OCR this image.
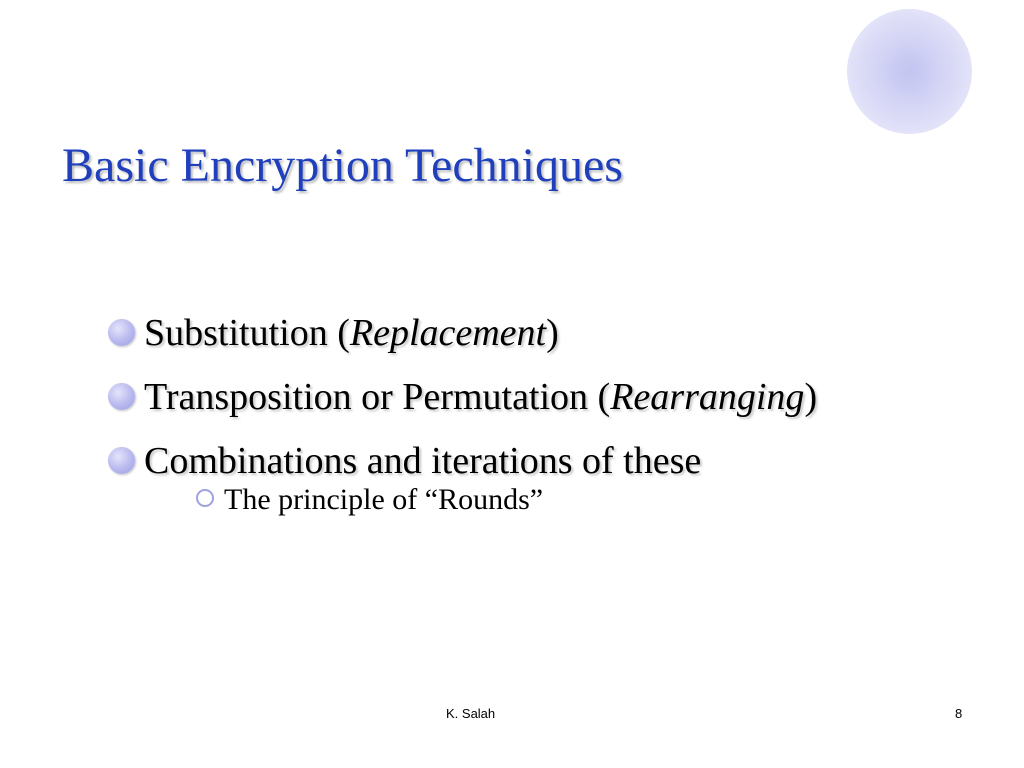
Basic Encryption Techniques
Substitution (Replacement)
Transposition or Permutation (Rearranging)
Combinations and iterations of these
The principle of “Rounds”
K. Salah	8
